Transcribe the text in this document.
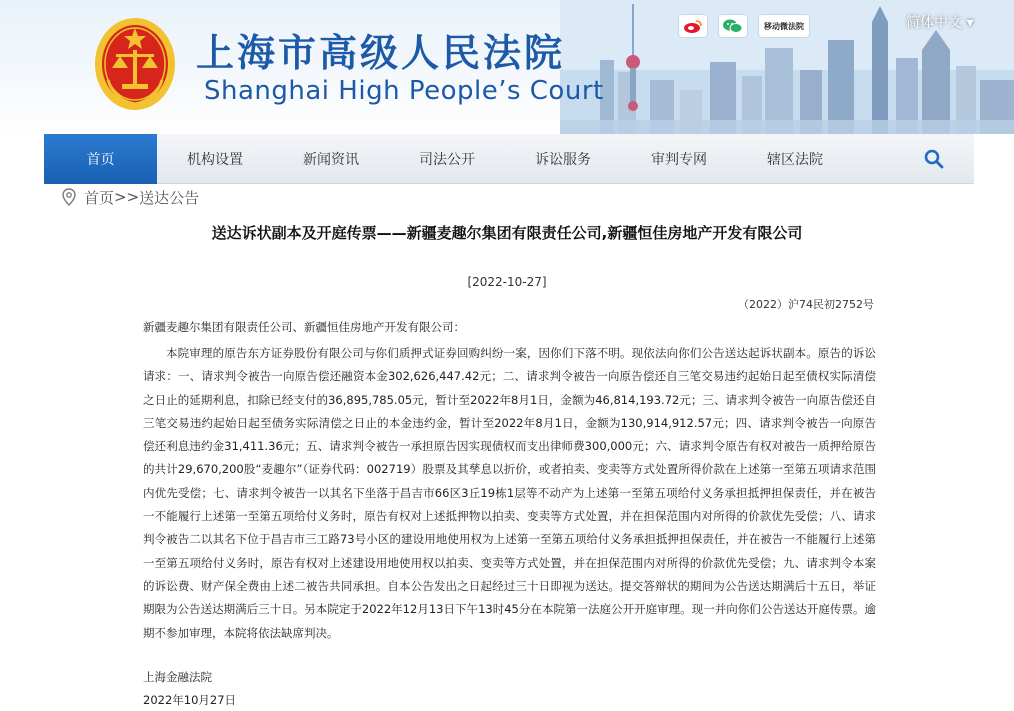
上海市高级人民法院
Shanghai High People’s Court
移动微法院	简体中文 ▾
首页	机构设置	新闻资讯	司法公开	诉讼服务	审判专网	辖区法院
首页 >> 送达公告
送达诉状副本及开庭传票——新疆麦趣尔集团有限责任公司,新疆恒佳房地产开发有限公司
[2022-10-27]
（2022）沪74民初2752号
新疆麦趣尔集团有限责任公司、新疆恒佳房地产开发有限公司：
本院审理的原告东方证券股份有限公司与你们质押式证券回购纠纷一案，因你们下落不明。现依法向你们公告送达起诉状副本。原告的诉讼请求：一、请求判令被告一向原告偿还融资本金302,626,447.42元；二、请求判令被告一向原告偿还自三笔交易违约起始日起至债权实际清偿之日止的延期利息，扣除已经支付的36,895,785.05元，暂计至2022年8月1日，金额为46,814,193.72元；三、请求判令被告一向原告偿还自三笔交易违约起始日起至债务实际清偿之日止的本金违约金，暂计至2022年8月1日，金额为130,914,912.57元；四、请求判令被告一向原告偿还利息违约金31,411.36元；五、请求判令被告一承担原告因实现债权而支出律师费300,000元；六、请求判令原告有权对被告一质押给原告的共计29,670,200股“麦趣尔”（证券代码：002719）股票及其孳息以折价，或者拍卖、变卖等方式处置所得价款在上述第一至第五项请求范围内优先受偿；七、请求判令被告一以其名下坐落于昌吉市66区3丘19栋1层等不动产为上述第一至第五项给付义务承担抵押担保责任，并在被告一不能履行上述第一至第五项给付义务时，原告有权对上述抵押物以拍卖、变卖等方式处置，并在担保范围内对所得的价款优先受偿；八、请求判令被告二以其名下位于昌吉市三工路73号小区的建设用地使用权为上述第一至第五项给付义务承担抵押担保责任，并在被告一不能履行上述第一至第五项给付义务时，原告有权对上述建设用地使用权以拍卖、变卖等方式处置，并在担保范围内对所得的价款优先受偿；九、请求判令本案的诉讼费、财产保全费由上述二被告共同承担。自本公告发出之日起经过三十日即视为送达。提交答辩状的期间为公告送达期满后十五日，举证期限为公告送达期满后三十日。另本院定于2022年12月13日下午13时45分在本院第一法庭公开开庭审理。现一并向你们公告送达开庭传票。逾期不参加审理，本院将依法缺席判决。
上海金融法院
2022年10月27日
